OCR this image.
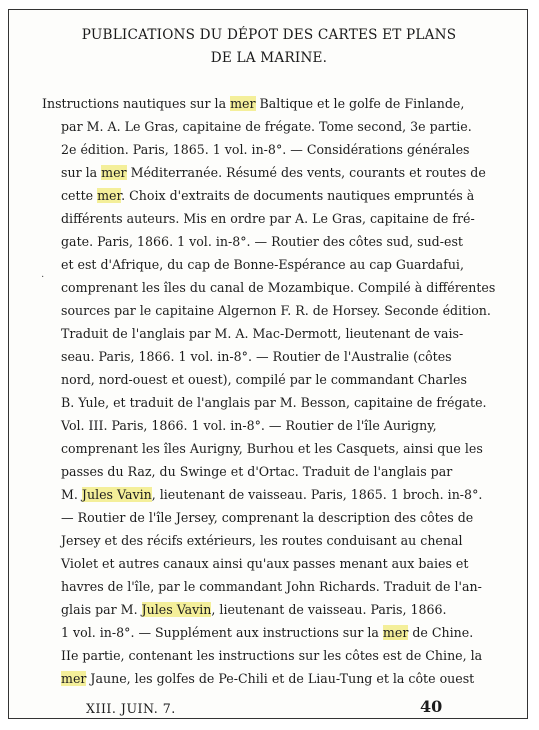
PUBLICATIONS DU DÉPOT DES CARTES ET PLANS
DE LA MARINE.
Instructions nautiques sur la mer Baltique et le golfe de Finlande,
par M. A. Le Gras, capitaine de frégate. Tome second, 3e partie.
2e édition. Paris, 1865. 1 vol. in-8°. — Considérations générales
sur la mer Méditerranée. Résumé des vents, courants et routes de
cette mer. Choix d'extraits de documents nautiques empruntés à
différents auteurs. Mis en ordre par A. Le Gras, capitaine de fré-
gate. Paris, 1866. 1 vol. in-8°. — Routier des côtes sud, sud-est
et est d'Afrique, du cap de Bonne-Espérance au cap Guardafui,
comprenant les îles du canal de Mozambique. Compilé à différentes
sources par le capitaine Algernon F. R. de Horsey. Seconde édition.
Traduit de l'anglais par M. A. Mac-Dermott, lieutenant de vais-
seau. Paris, 1866. 1 vol. in-8°. — Routier de l'Australie (côtes
nord, nord-ouest et ouest), compilé par le commandant Charles
B. Yule, et traduit de l'anglais par M. Besson, capitaine de frégate.
Vol. III. Paris, 1866. 1 vol. in-8°. — Routier de l'île Aurigny,
comprenant les îles Aurigny, Burhou et les Casquets, ainsi que les
passes du Raz, du Swinge et d'Ortac. Traduit de l'anglais par
M. Jules Vavin, lieutenant de vaisseau. Paris, 1865. 1 broch. in-8°.
— Routier de l'île Jersey, comprenant la description des côtes de
Jersey et des récifs extérieurs, les routes conduisant au chenal
Violet et autres canaux ainsi qu'aux passes menant aux baies et
havres de l'île, par le commandant John Richards. Traduit de l'an-
glais par M. Jules Vavin, lieutenant de vaisseau. Paris, 1866.
1 vol. in-8°. — Supplément aux instructions sur la mer de Chine.
IIe partie, contenant les instructions sur les côtes est de Chine, la
mer Jaune, les golfes de Pe-Chili et de Liau-Tung et la côte ouest
·
XIII. JUIN. 7.	40
